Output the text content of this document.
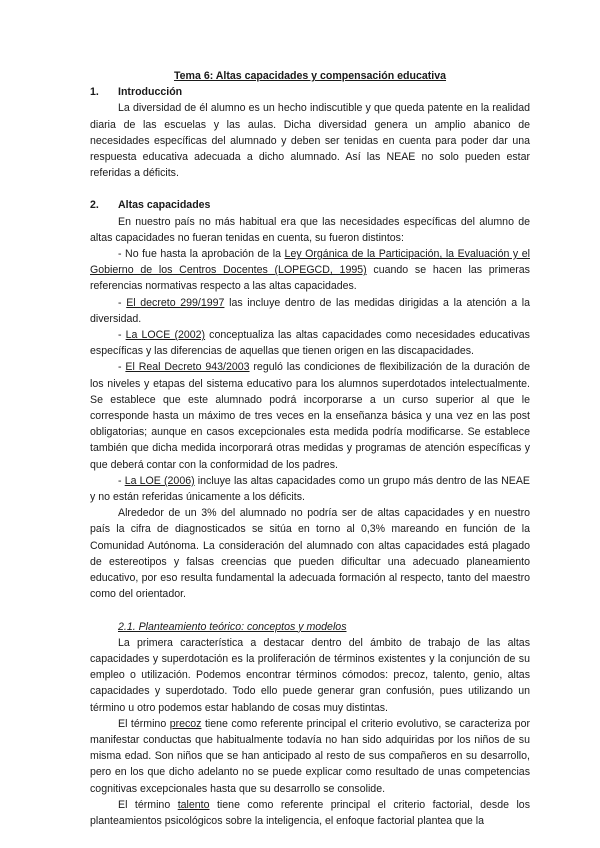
Tema 6: Altas capacidades y compensación educativa

1. Introducción

La diversidad de él alumno es un hecho indiscutible y que queda patente en la realidad diaria de las escuelas y las aulas. Dicha diversidad genera un amplio abanico de necesidades específicas del alumnado y deben ser tenidas en cuenta para poder dar una respuesta educativa adecuada a dicho alumnado. Así las NEAE no solo pueden estar referidas a déficits.

2. Altas capacidades

En nuestro país no más habitual era que las necesidades específicas del alumno de altas capacidades no fueran tenidas en cuenta, su fueron distintos:

- No fue hasta la aprobación de la Ley Orgánica de la Participación, la Evaluación y el Gobierno de los Centros Docentes (LOPEGCD, 1995) cuando se hacen las primeras referencias normativas respecto a las altas capacidades.

- El decreto 299/1997 las incluye dentro de las medidas dirigidas a la atención a la diversidad.

- La LOCE (2002) conceptualiza las altas capacidades como necesidades educativas específicas y las diferencias de aquellas que tienen origen en las discapacidades.

- El Real Decreto 943/2003 reguló las condiciones de flexibilización de la duración de los niveles y etapas del sistema educativo para los alumnos superdotados intelectualmente. Se establece que este alumnado podrá incorporarse a un curso superior al que le corresponde hasta un máximo de tres veces en la enseñanza básica y una vez en las post obligatorias; aunque en casos excepcionales esta medida podría modificarse. Se establece también que dicha medida incorporará otras medidas y programas de atención específicas y que deberá contar con la conformidad de los padres.

- La LOE (2006) incluye las altas capacidades como un grupo más dentro de las NEAE y no están referidas únicamente a los déficits.

Alrededor de un 3% del alumnado no podría ser de altas capacidades y en nuestro país la cifra de diagnosticados se sitúa en torno al 0,3% mareando en función de la Comunidad Autónoma. La consideración del alumnado con altas capacidades está plagado de estereotipos y falsas creencias que pueden dificultar una adecuado planeamiento educativo, por eso resulta fundamental la adecuada formación al respecto, tanto del maestro como del orientador.

2.1. Planteamiento teórico: conceptos y modelos

La primera característica a destacar dentro del ámbito de trabajo de las altas capacidades y superdotación es la proliferación de términos existentes y la conjunción de su empleo o utilización. Podemos encontrar términos cómodos: precoz, talento, genio, altas capacidades y superdotado. Todo ello puede generar gran confusión, pues utilizando un término u otro podemos estar hablando de cosas muy distintas.

El término precoz tiene como referente principal el criterio evolutivo, se caracteriza por manifestar conductas que habitualmente todavía no han sido adquiridas por los niños de su misma edad. Son niños que se han anticipado al resto de sus compañeros en su desarrollo, pero en los que dicho adelanto no se puede explicar como resultado de unas competencias cognitivas excepcionales hasta que su desarrollo se consolide.

El término talento tiene como referente principal el criterio factorial, desde los planteamientos psicológicos sobre la inteligencia, el enfoque factorial plantea que la
